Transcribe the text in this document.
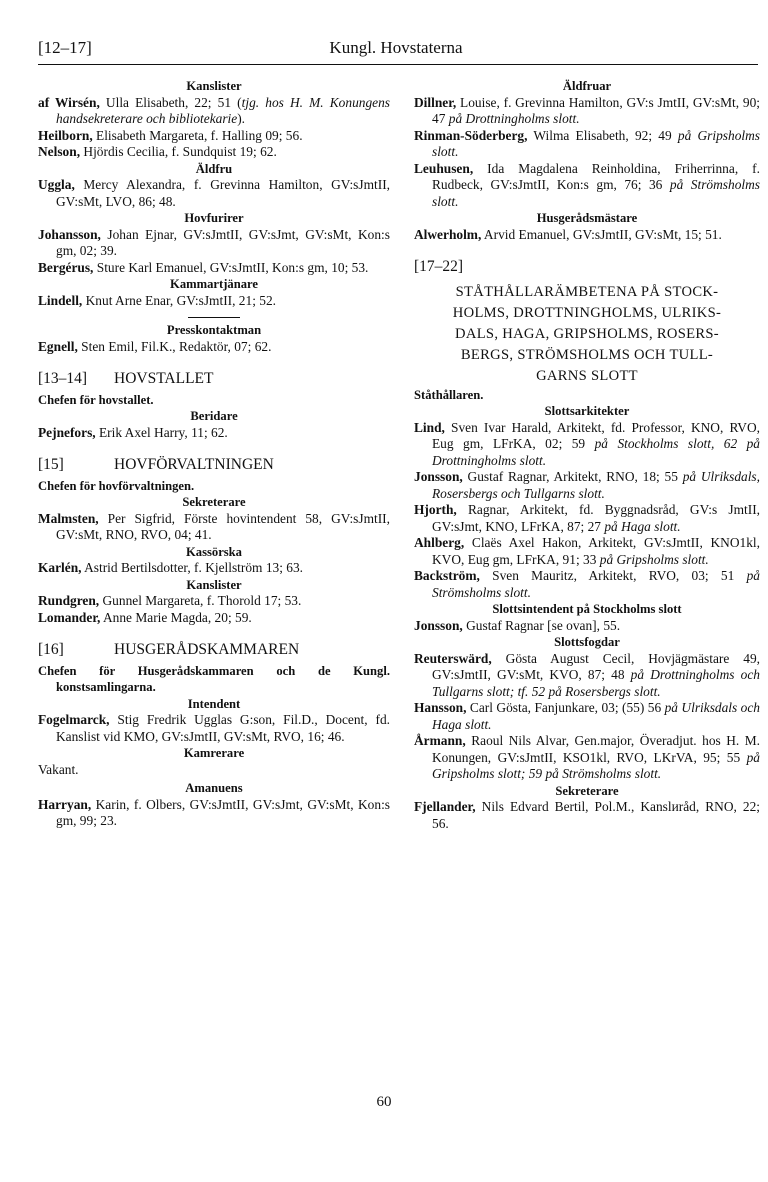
[12–17]	Kungl. Hovstaterna

Kanslister

af Wirsén, Ulla Elisabeth, 22; 51 (tjg. hos H. M. Konungens handsekreterare och bibliotekarie).

Heilborn, Elisabeth Margareta, f. Halling 09; 56.

Nelson, Hjördis Cecilia, f. Sundquist 19; 62.

Äldfru

Uggla, Mercy Alexandra, f. Grevinna Hamilton, GV:sJmtII, GV:sMt, LVO, 86; 48.

Hovfurirer

Johansson, Johan Ejnar, GV:sJmtII, GV:sJmt, GV:sMt, Kon:s gm, 02; 39.

Bergérus, Sture Karl Emanuel, GV:sJmtII, Kon:s gm, 10; 53.

Kammartjänare

Lindell, Knut Arne Enar, GV:sJmtII, 21; 52.

Presskontaktman

Egnell, Sten Emil, Fil.K., Redaktör, 07; 62.

[13–14]	HOVSTALLET

Chefen för hovstallet.

Beridare

Pejnefors, Erik Axel Harry, 11; 62.

[15]	HOVFÖRVALTNINGEN

Chefen för hovförvaltningen.

Sekreterare

Malmsten, Per Sigfrid, Förste hovintendent 58, GV:sJmtII, GV:sMt, RNO, RVO, 04; 41.

Kassörska

Karlén, Astrid Bertilsdotter, f. Kjellström 13; 63.

Kanslister

Rundgren, Gunnel Margareta, f. Thorold 17; 53.

Lomander, Anne Marie Magda, 20; 59.

[16]	HUSGERÅDSKAMMAREN

Chefen för Husgerådskammaren och de Kungl. konstsamlingarna.

Intendent

Fogelmarck, Stig Fredrik Ugglas G:son, Fil.D., Docent, fd. Kanslist vid KMO, GV:sJmtII, GV:sMt, RVO, 16; 46.

Kamrerare

Vakant.

Amanuens

Harryan, Karin, f. Olbers, GV:sJmtII, GV:sJmt, GV:sMt, Kon:s gm, 99; 23.

Äldfruar

Dillner, Louise, f. Grevinna Hamilton, GV:s JmtII, GV:sMt, 90; 47 på Drottningholms slott.

Rinman-Söderberg, Wilma Elisabeth, 92; 49 på Gripsholms slott.

Leuhusen, Ida Magdalena Reinholdina, Friherrinna, f. Rudbeck, GV:sJmtII, Kon:s gm, 76; 36 på Strömsholms slott.

Husgerådsmästare

Alwerholm, Arvid Emanuel, GV:sJmtII, GV:sMt, 15; 51.

[17–22]
STÅTHÅLLARÄMBETENA PÅ STOCK-
HOLMS, DROTTNINGHOLMS, ULRIKS-
DALS, HAGA, GRIPSHOLMS, ROSERS-
BERGS, STRÖMSHOLMS OCH TULL-
GARNS SLOTT

Ståthållaren.

Slottsarkitekter

Lind, Sven Ivar Harald, Arkitekt, fd. Professor, KNO, RVO, Eug gm, LFrKA, 02; 59 på Stockholms slott, 62 på Drottningholms slott.

Jonsson, Gustaf Ragnar, Arkitekt, RNO, 18; 55 på Ulriksdals, Rosersbergs och Tullgarns slott.

Hjorth, Ragnar, Arkitekt, fd. Byggnadsråd, GV:s JmtII, GV:sJmt, KNO, LFrKA, 87; 27 på Haga slott.

Ahlberg, Claës Axel Hakon, Arkitekt, GV:sJmtII, KNO1kl, KVO, Eug gm, LFrKA, 91; 33 på Gripsholms slott.

Backström, Sven Mauritz, Arkitekt, RVO, 03; 51 på Strömsholms slott.

Slottsintendent på Stockholms slott

Jonsson, Gustaf Ragnar [se ovan], 55.

Slottsfogdar

Reuterswärd, Gösta August Cecil, Hovjägmästare 49, GV:sJmtII, GV:sMt, KVO, 87; 48 på Drottningholms och Tullgarns slott; tf. 52 på Rosersbergs slott.

Hansson, Carl Gösta, Fanjunkare, 03; (55) 56 på Ulriksdals och Haga slott.

Årmann, Raoul Nils Alvar, Gen.major, Överadjut. hos H. M. Konungen, GV:sJmtII, KSO1kl, RVO, LKrVA, 95; 55 på Gripsholms slott; 59 på Strömsholms slott.

Sekreterare

Fjellander, Nils Edvard Bertil, Pol.M., Kanslиråd, RNO, 22; 56.

60
